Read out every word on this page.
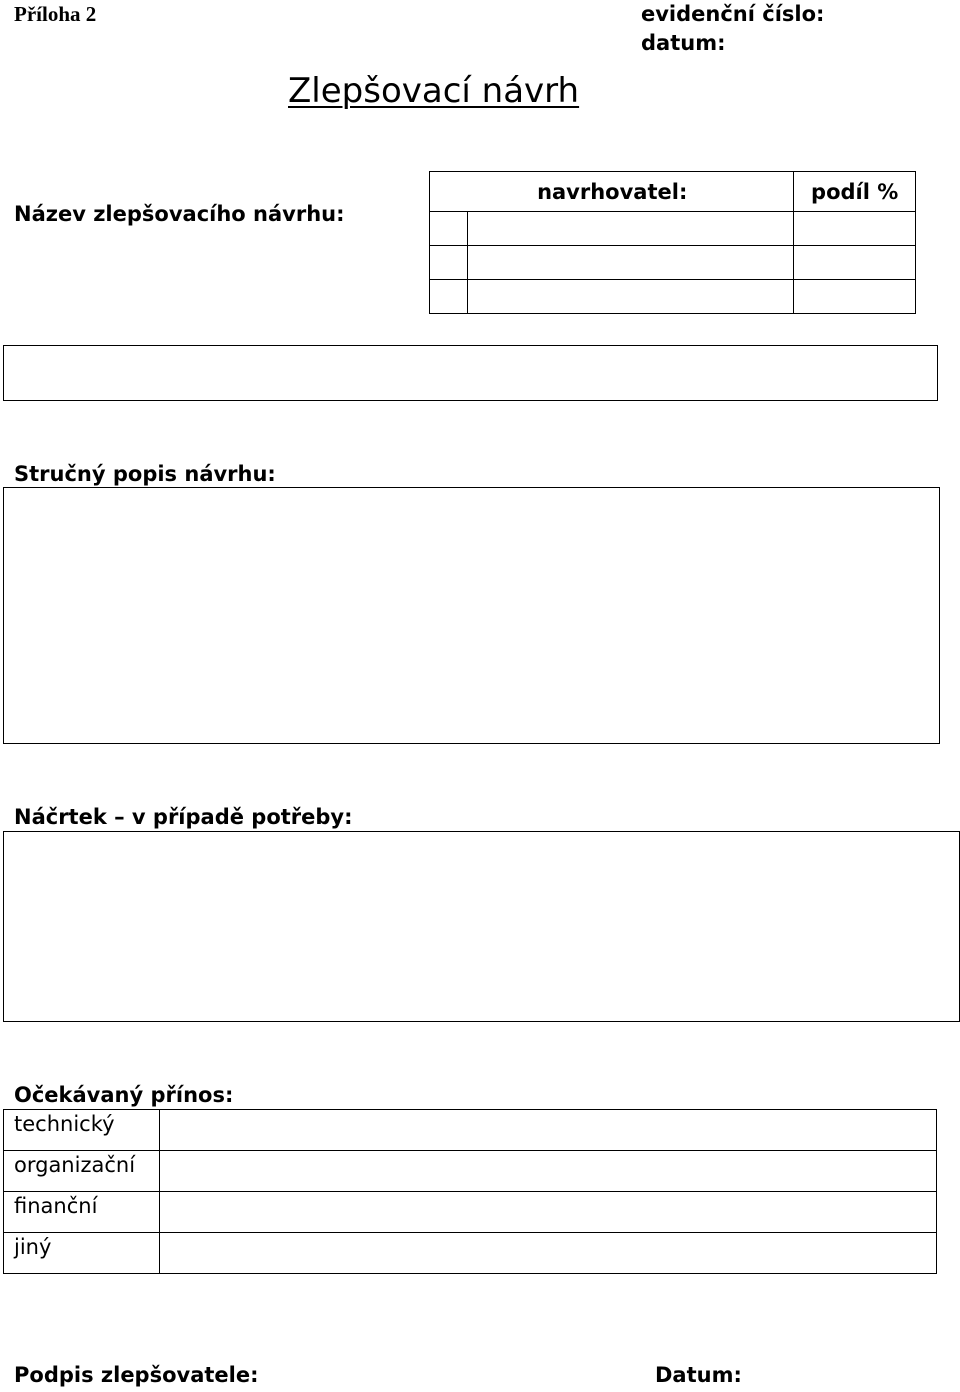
Příloha 2	evidenční číslo:
datum:
Zlepšovací návrh
Název zlepšovacího návrhu:
navrhovatel:		podíl %

Stručný popis návrhu:
Náčrtek – v případě potřeby:
Očekávaný přínos:
technický	
organizační	
finanční	
jiný	
Podpis zlepšovatele:	Datum:
